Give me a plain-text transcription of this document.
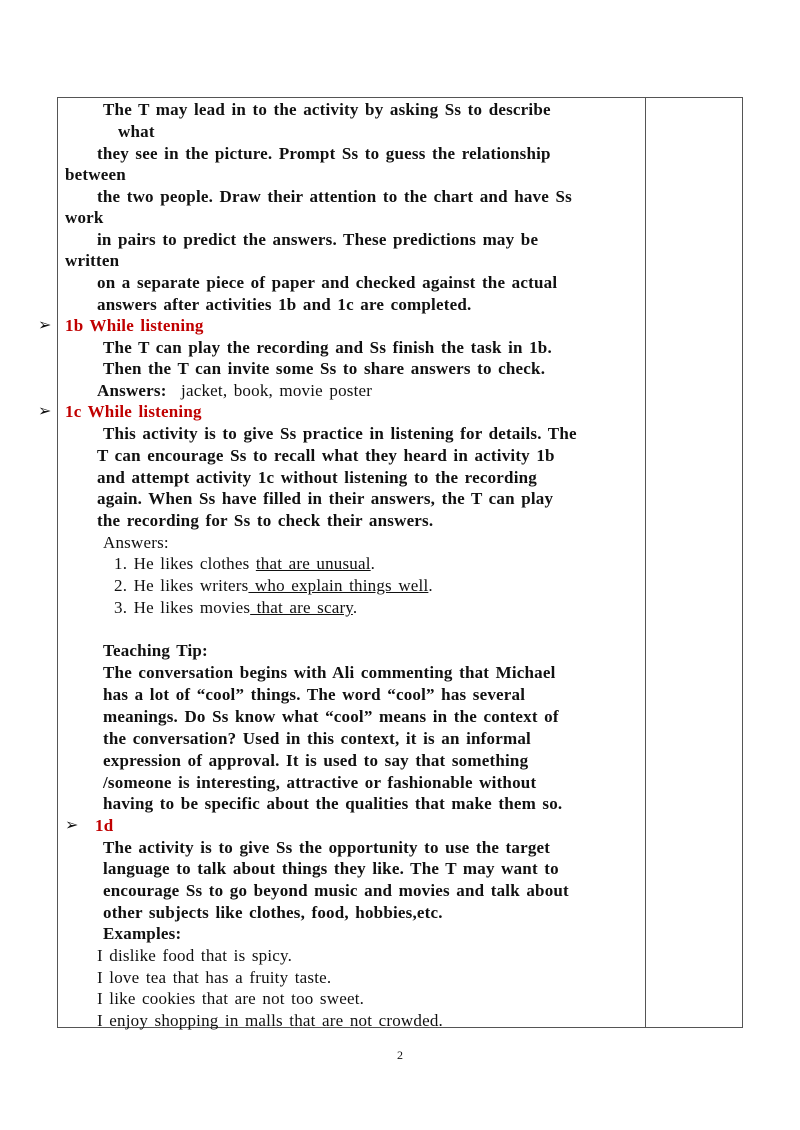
The T may lead in to the activity by asking Ss to describe
what
they see in the picture. Prompt Ss to guess the relationship
between
the two people. Draw their attention to the chart and have Ss
work
in pairs to predict the answers. These predictions may be
written
on a separate piece of paper and checked against the actual
answers after activities 1b and 1c are completed.
➢ 1b While listening
The T can play the recording and Ss finish the task in 1b.
Then the T can invite some Ss to share answers to check.
Answers: jacket, book, movie poster
➢ 1c While listening
This activity is to give Ss practice in listening for details. The
T can encourage Ss to recall what they heard in activity 1b
and attempt activity 1c without listening to the recording
again. When Ss have filled in their answers, the T can play
the recording for Ss to check their answers.
Answers:
1. He likes clothes that are unusual.
2. He likes writers who explain things well.
3. He likes movies that are scary.
Teaching Tip:
The conversation begins with Ali commenting that Michael
has a lot of “cool” things. The word “cool” has several
meanings. Do Ss know what “cool” means in the context of
the conversation? Used in this context, it is an informal
expression of approval. It is used to say that something
/someone is interesting, attractive or fashionable without
having to be specific about the qualities that make them so.
➢ 1d
The activity is to give Ss the opportunity to use the target
language to talk about things they like. The T may want to
encourage Ss to go beyond music and movies and talk about
other subjects like clothes, food, hobbies,etc.
Examples:
I dislike food that is spicy.
I love tea that has a fruity taste.
I like cookies that are not too sweet.
I enjoy shopping in malls that are not crowded.
2
